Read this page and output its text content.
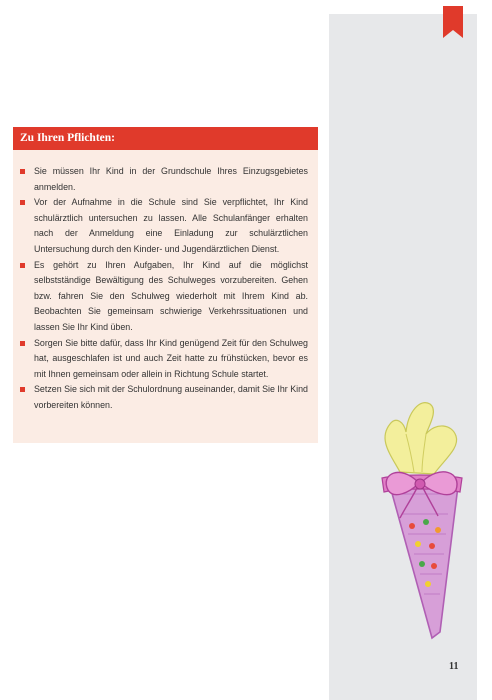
Zu Ihren Pflichten:
Sie müssen Ihr Kind in der Grundschule Ihres Einzugsgebietes anmelden.
Vor der Aufnahme in die Schule sind Sie verpflichtet, Ihr Kind schulärztlich untersuchen zu lassen. Alle Schulanfänger erhalten nach der Anmeldung eine Einladung zur schulärztlichen Untersuchung durch den Kinder- und Jugendärztlichen Dienst.
Es gehört zu Ihren Aufgaben, Ihr Kind auf die möglichst selbstständige Bewältigung des Schulweges vorzubereiten. Gehen bzw. fahren Sie den Schulweg wiederholt mit Ihrem Kind ab. Beobachten Sie gemeinsam schwierige Verkehrssituationen und lassen Sie Ihr Kind üben.
Sorgen Sie bitte dafür, dass Ihr Kind genügend Zeit für den Schulweg hat, ausgeschlafen ist und auch Zeit hatte zu frühstücken, bevor es mit Ihnen gemeinsam oder allein in Richtung Schule startet.
Setzen Sie sich mit der Schulordnung auseinander, damit Sie Ihr Kind vorbereiten können.
11
